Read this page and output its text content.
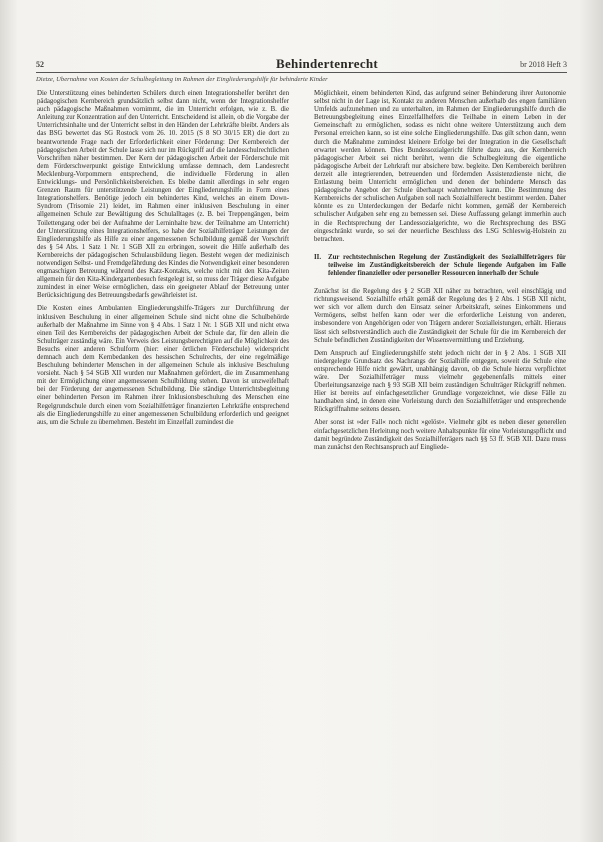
52	Behindertenrecht	br 2018 Heft 3
Dietze, Übernahme von Kosten der Schulbegleitung im Rahmen der Eingliederungshilfe für behinderte Kinder

Die Unterstützung eines behinderten Schülers durch einen Integrationshelfer berührt den pädagogischen Kernbereich grundsätzlich selbst dann nicht, wenn der Integrationshelfer auch pädagogische Maßnahmen vornimmt, die im Unterricht erfolgen, wie z. B. die Anleitung zur Konzentration auf den Unterricht. Entscheidend ist allein, ob die Vorgabe der Unterrichtsinhalte und der Unterricht selbst in den Händen der Lehrkräfte bleibt. Anders als das BSG bewertet das SG Rostock vom 26. 10. 2015 (S 8 SO 30/15 ER) die dort zu beantwortende Frage nach der Erforderlichkeit einer Förderung: Der Kernbereich der pädagogischen Arbeit der Schule lasse sich nur im Rückgriff auf die landesschulrechtlichen Vorschriften näher bestimmen. Der Kern der pädagogischen Arbeit der Förderschule mit dem Förderschwerpunkt geistige Entwicklung umfasse demnach, dem Landesrecht Mecklenburg-Vorpommern entsprechend, die individuelle Förderung in allen Entwicklungs- und Persönlichkeitsbereichen. Es bleibe damit allerdings in sehr engen Grenzen Raum für unterstützende Leistungen der Eingliederungshilfe in Form eines Integrationshelfers. Benötige jedoch ein behindertes Kind, welches an einem Down-Syndrom (Trisomie 21) leidet, im Rahmen einer inklusiven Beschulung in einer allgemeinen Schule zur Bewältigung des Schulalltages (z. B. bei Treppengängen, beim Toilettengang oder bei der Aufnahme der Lerninhalte bzw. der Teilnahme am Unterricht) der Unterstützung eines Integrationshelfers, so habe der Sozialhilfeträger Leistungen der Eingliederungshilfe als Hilfe zu einer angemessenen Schulbildung gemäß der Vorschrift des § 54 Abs. 1 Satz 1 Nr. 1 SGB XII zu erbringen, soweit die Hilfe außerhalb des Kernbereichs der pädagogischen Schulausbildung liegen. Besteht wegen der medizinisch notwendigen Selbst- und Fremdgefährdung des Kindes die Notwendigkeit einer besonderen engmaschigen Betreuung während des Katz-Kontakts, welche nicht mit den Kita-Zeiten allgemein für den Kita-Kindergartenbesuch festgelegt ist, so muss der Träger diese Aufgabe zumindest in einer Weise ermöglichen, dass ein geeigneter Ablauf der Betreuung unter Berücksichtigung des Betreuungsbedarfs gewährleistet ist.

Die Kosten eines Ambulanten Eingliederungshilfe-Trägers zur Durchführung der inklusiven Beschulung in einer allgemeinen Schule sind nicht ohne die Schulbehörde außerhalb der Maßnahme im Sinne von § 4 Abs. 1 Satz 1 Nr. 1 SGB XII und nicht etwa einen Teil des Kernbereichs der pädagogischen Arbeit der Schule dar, für den allein die Schulträger zuständig wäre. Ein Verweis des Leistungsberechtigten auf die Möglichkeit des Besuchs einer anderen Schulform (hier: einer örtlichen Förderschule) widerspricht demnach auch dem Kernbedanken des hessischen Schulrechts, der eine regelmäßige Beschulung behinderter Menschen in der allgemeinen Schule als inklusive Beschulung vorsieht. Nach § 54 SGB XII wurden nur Maßnahmen gefördert, die im Zusammenhang mit der Ermöglichung einer angemessenen Schulbildung stehen. Davon ist unzweifelhaft bei der Förderung der angemessenen Schulbildung. Die ständige Unterrichtsbegleitung einer behinderten Person im Rahmen ihrer Inklusionsbeschulung des Menschen eine Regelgrundschule durch einen vom Sozialhilfeträger finanzierten Lehrkräfte entsprechend als die Eingliederungshilfe zu einer angemessenen Schulbildung erforderlich und geeignet aus, um die Schule zu übernehmen. Besteht im Einzelfall zumindest die

Möglichkeit, einem behinderten Kind, das aufgrund seiner Behinderung ihrer Autonomie selbst nicht in der Lage ist, Kontakt zu anderen Menschen außerhalb des engen familiären Umfelds aufzunehmen und zu unterhalten, im Rahmen der Eingliederungshilfe durch die Betreuungsbegleitung eines Einzelfallhelfers die Teilhabe in einem Leben in der Gemeinschaft zu ermöglichen, sodass es nicht ohne weitere Unterstützung auch dem Personal erreichen kann, so ist eine solche Eingliederungshilfe. Das gilt schon dann, wenn durch die Maßnahme zumindest kleinere Erfolge bei der Integration in die Gesellschaft erwartet werden können. Dies Bundessozialgericht führte dazu aus, der Kernbereich pädagogischer Arbeit sei nicht berührt, wenn die Schulbegleitung die eigentliche pädagogische Arbeit der Lehrkraft nur absichere bzw. begleite. Den Kernbereich berühren derzeit alle integrierenden, betreuenden und fördernden Assistenzdienste nicht, die Entlastung beim Unterricht ermöglichen und denen der behinderte Mensch das pädagogische Angebot der Schule überhaupt wahrnehmen kann. Die Bestimmung des Kernbereichs der schulischen Aufgaben soll nach Sozialhilferecht bestimmt werden. Daher könnte es zu Unterdeckungen der Bedarfe nicht kommen, gemäß der Kernbereich schulischer Aufgaben sehr eng zu bemessen sei. Diese Auffassung gelangt immerhin auch in die Rechtsprechung der Landessozialgerichte, wo die Rechtsprechung des BSG eingeschränkt wurde, so sei der neuerliche Beschluss des LSG Schleswig-Holstein zu betrachten.

II. Zur rechtstechnischen Regelung der Zuständigkeit des Sozialhilfeträgers für teilweise im Zuständigkeitsbereich der Schule liegende Aufgaben im Falle fehlender finanzieller oder personeller Ressourcen innerhalb der Schule

Zunächst ist die Regelung des § 2 SGB XII näher zu betrachten, weil einschlägig und richtungsweisend. Sozialhilfe erhält gemäß der Regelung des § 2 Abs. 1 SGB XII nicht, wer sich vor allem durch den Einsatz seiner Arbeitskraft, seines Einkommens und Vermögens, selbst helfen kann oder wer die erforderliche Leistung von anderen, insbesondere von Angehörigen oder von Trägern anderer Sozialleistungen, erhält. Hieraus lässt sich selbstverständlich auch die Zuständigkeit der Schule für die im Kernbereich der Schule befindlichen Zuständigkeiten der Wissensvermittlung und Erziehung.

Dem Anspruch auf Eingliederungshilfe steht jedoch nicht der in § 2 Abs. 1 SGB XII niedergelegte Grundsatz des Nachrangs der Sozialhilfe entgegen, soweit die Schule eine entsprechende Hilfe nicht gewährt, unabhängig davon, ob die Schule hierzu verpflichtet wäre. Der Sozialhilfeträger muss vielmehr gegebenenfalls mittels einer Überleitungsanzeige nach § 93 SGB XII beim zuständigen Schulträger Rückgriff nehmen. Hier ist bereits auf einfachgesetzlicher Grundlage vorgezeichnet, wie diese Fälle zu handhaben sind, in denen eine Vorleistung durch den Sozialhilfeträger und entsprechende Rückgriffnahme seitens dessen.

Aber sonst ist »der Fall« noch nicht »gelöst«. Vielmehr gibt es neben dieser generellen einfachgesetzlichen Herleitung noch weitere Anhaltspunkte für eine Vorleistungspflicht und damit begründete Zuständigkeit des Sozialhilfeträgers nach §§ 53 ff. SGB XII. Dazu muss man zunächst den Rechtsanspruch auf Eingliede-
